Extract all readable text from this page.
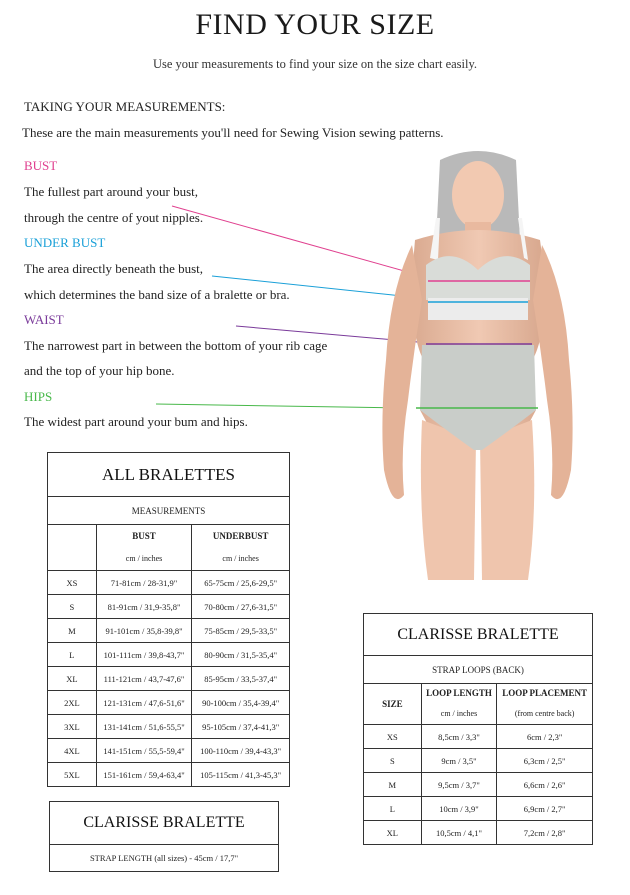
FIND YOUR SIZE
Use your measurements to find your size on the size chart easily.
TAKING YOUR MEASUREMENTS:
These are the main measurements you'll need for Sewing Vision sewing patterns.
BUST
The fullest part around your bust,
through the centre of yout nipples.
UNDER BUST
The area directly beneath the bust,
which determines the band size of a bralette or bra.
WAIST
The narrowest part in between the bottom of your rib cage
and the top of your hip bone.
HIPS
The widest part around your bum and hips.
ALL BRALETTES		
MEASUREMENTS		
	BUST	UNDERBUST
	cm / inches	cm / inches
XS	71-81cm / 28-31,9"	65-75cm / 25,6-29,5"
S	81-91cm / 31,9-35,8"	70-80cm / 27,6-31,5"
M	91-101cm / 35,8-39,8"	75-85cm / 29,5-33,5"
L	101-111cm / 39,8-43,7"	80-90cm / 31,5-35,4"
XL	111-121cm / 43,7-47,6"	85-95cm / 33,5-37,4"
2XL	121-131cm / 47,6-51,6"	90-100cm / 35,4-39,4"
3XL	131-141cm / 51,6-55,5"	95-105cm / 37,4-41,3"
4XL	141-151cm / 55,5-59,4"	100-110cm / 39,4-43,3"
5XL	151-161cm / 59,4-63,4"	105-115cm / 41,3-45,3"
CLARISSE BRALETTE		
STRAP LOOPS (BACK)		
SIZE	LOOP LENGTH	LOOP PLACEMENT
	cm / inches	(from centre back)
XS	8,5cm / 3,3"	6cm / 2,3"
S	9cm / 3,5"	6,3cm / 2,5"
M	9,5cm / 3,7"	6,6cm / 2,6"
L	10cm / 3,9"	6,9cm / 2,7"
XL	10,5cm / 4,1"	7,2cm / 2,8"
CLARISSE BRALETTE
STRAP LENGTH (all sizes) - 45cm / 17,7"
